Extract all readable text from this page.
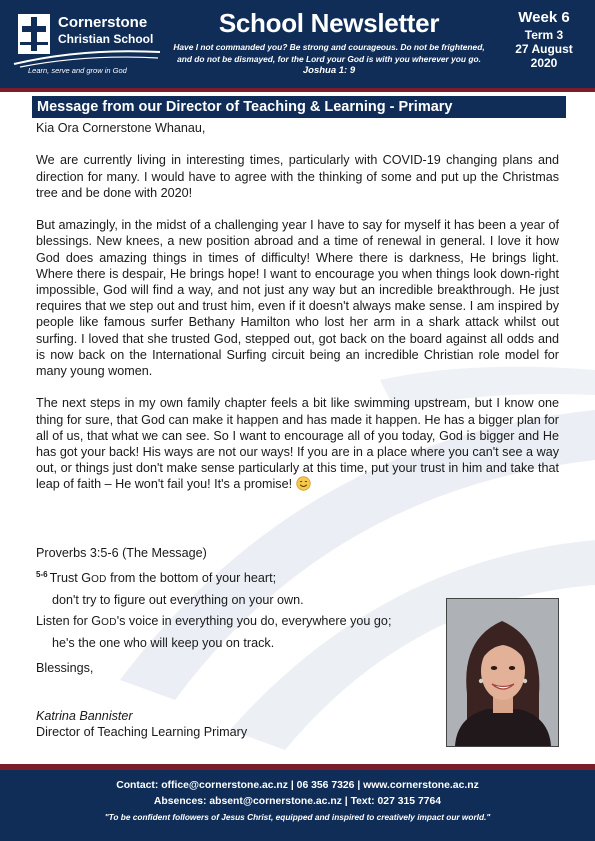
Cornerstone
Christian School
Learn, serve and grow in God
School Newsletter
Have I not commanded you? Be strong and courageous. Do not be frightened, and do not be dismayed, for the Lord your God is with you wherever you go. Joshua 1: 9
Week 6
Term 3
27 August
2020
Message from our Director of Teaching & Learning - Primary

Kia Ora Cornerstone Whanau,

We are currently living in interesting times, particularly with COVID-19 changing plans and direction for many. I would have to agree with the thinking of some and put up the Christmas tree and be done with 2020!

But amazingly, in the midst of a challenging year I have to say for myself it has been a year of blessings. New knees, a new position abroad and a time of renewal in general. I love it how God does amazing things in times of difficulty! Where there is darkness, He brings light. Where there is despair, He brings hope! I want to encourage you when things look down-right impossible, God will find a way, and not just any way but an incredible breakthrough. He just requires that we step out and trust him, even if it doesn't always make sense. I am inspired by people like famous surfer Bethany Hamilton who lost her arm in a shark attack whilst out surfing. I loved that she trusted God, stepped out, got back on the board against all odds and is now back on the International Surfing circuit being an incredible Christian role model for many young women.

The next steps in my own family chapter feels a bit like swimming upstream, but I know one thing for sure, that God can make it happen and has made it happen. He has a bigger plan for all of us, that what we can see. So I want to encourage all of you today, God is bigger and He has got your back! His ways are not our ways! If you are in a place where you can't see a way out, or things just don't make sense particularly at this time, put your trust in him and take that leap of faith – He won't fail you! It's a promise!

Proverbs 3:5-6 (The Message)
$^{5-6}$ Trust GOD from the bottom of your heart;
don't try to figure out everything on your own.
Listen for GOD's voice in everything you do, everywhere you go;
he's the one who will keep you on track.
Blessings,
Katrina Bannister
Director of Teaching Learning Primary
Contact: office@cornerstone.ac.nz | 06 356 7326 | www.cornerstone.ac.nz
Absences: absent@cornerstone.ac.nz | Text: 027 315 7764
"To be confident followers of Jesus Christ, equipped and inspired to creatively impact our world."
